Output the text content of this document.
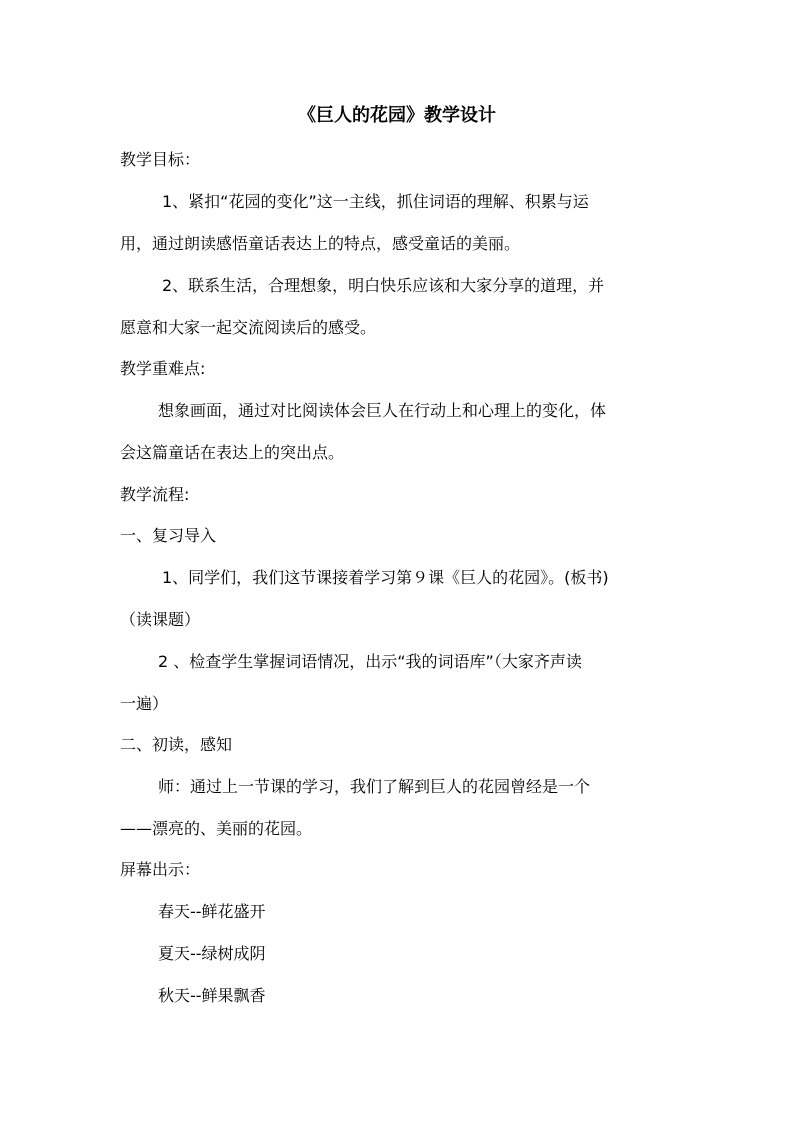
《巨人的花园》教学设计
教学目标：
1、紧扣“花园的变化”这一主线，抓住词语的理解、积累与运
用，通过朗读感悟童话表达上的特点，感受童话的美丽。
2、联系生活，合理想象，明白快乐应该和大家分享的道理，并
愿意和大家一起交流阅读后的感受。
教学重难点:
想象画面，通过对比阅读体会巨人在行动上和心理上的变化，体
会这篇童话在表达上的突出点。
教学流程:
一、复习导入
1、同学们，我们这节课接着学习第９课《巨人的花园》。(板书)
（读课题）
2 、检查学生掌握词语情况，出示“我的词语库”（大家齐声读
一遍）
二、初读，感知
师：通过上一节课的学习，我们了解到巨人的花园曾经是一个
——漂亮的、美丽的花园。
屏幕出示：
春天--鲜花盛开
夏天--绿树成阴
秋天--鲜果飘香
